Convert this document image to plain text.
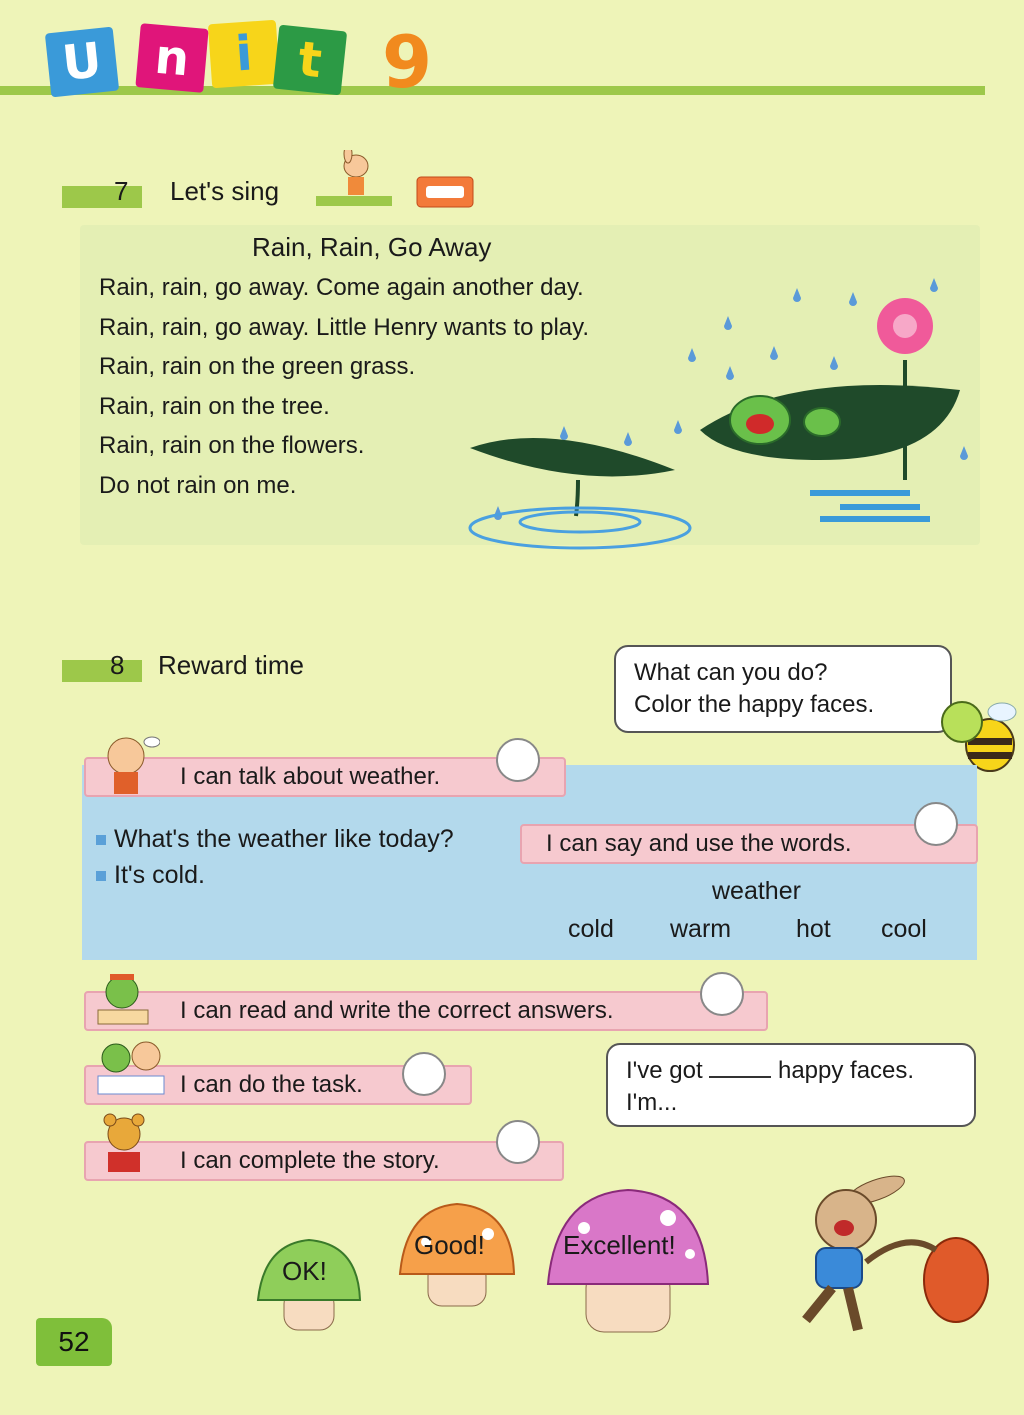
U n i t 9
7 Let's sing
Rain, Rain, Go Away
Rain, rain, go away. Come again another day.
Rain, rain, go away. Little Henry wants to play.
Rain, rain on the green grass.
Rain, rain on the tree.
Rain, rain on the flowers.
Do not rain on me.
8 Reward time	What can you do?
Color the happy faces.
I can talk about weather.
What's the weather like today?
It's cold.
I can say and use the words.
weather
cold warm	hot cool
I can read and write the correct answers.
I can do the task.
I've got	happy faces.
I'm...
I can complete the story.
OK!
Good!	Excellent!
52
